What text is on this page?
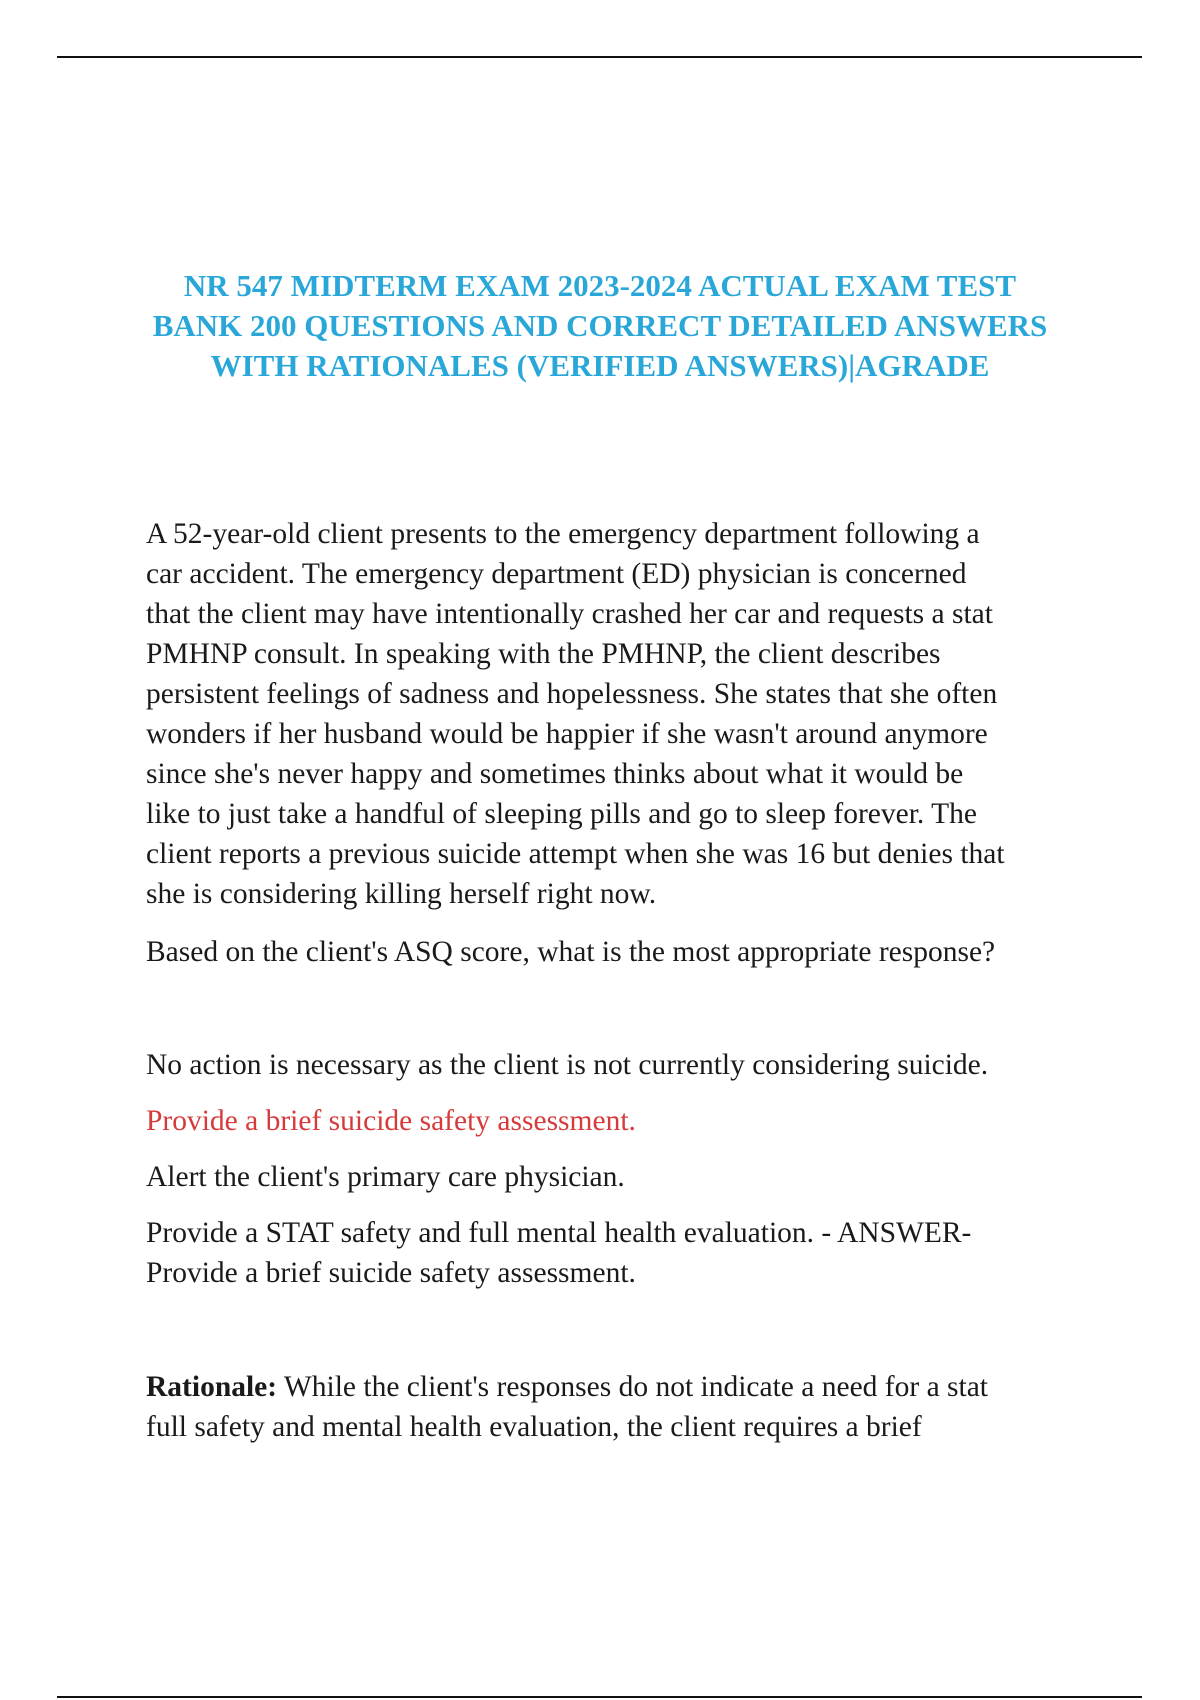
NR 547 MIDTERM EXAM 2023-2024 ACTUAL EXAM TEST
BANK 200 QUESTIONS AND CORRECT DETAILED ANSWERS
WITH RATIONALES (VERIFIED ANSWERS)|AGRADE

A 52-year-old client presents to the emergency department following a

car accident. The emergency department (ED) physician is concerned

that the client may have intentionally crashed her car and requests a stat

PMHNP consult. In speaking with the PMHNP, the client describes

persistent feelings of sadness and hopelessness. She states that she often

wonders if her husband would be happier if she wasn't around anymore

since she's never happy and sometimes thinks about what it would be

like to just take a handful of sleeping pills and go to sleep forever. The

client reports a previous suicide attempt when she was 16 but denies that

she is considering killing herself right now.

Based on the client's ASQ score, what is the most appropriate response?

No action is necessary as the client is not currently considering suicide.

Provide a brief suicide safety assessment.

Alert the client's primary care physician.

Provide a STAT safety and full mental health evaluation. - ANSWER-

Provide a brief suicide safety assessment.

Rationale: While the client's responses do not indicate a need for a stat

full safety and mental health evaluation, the client requires a brief
